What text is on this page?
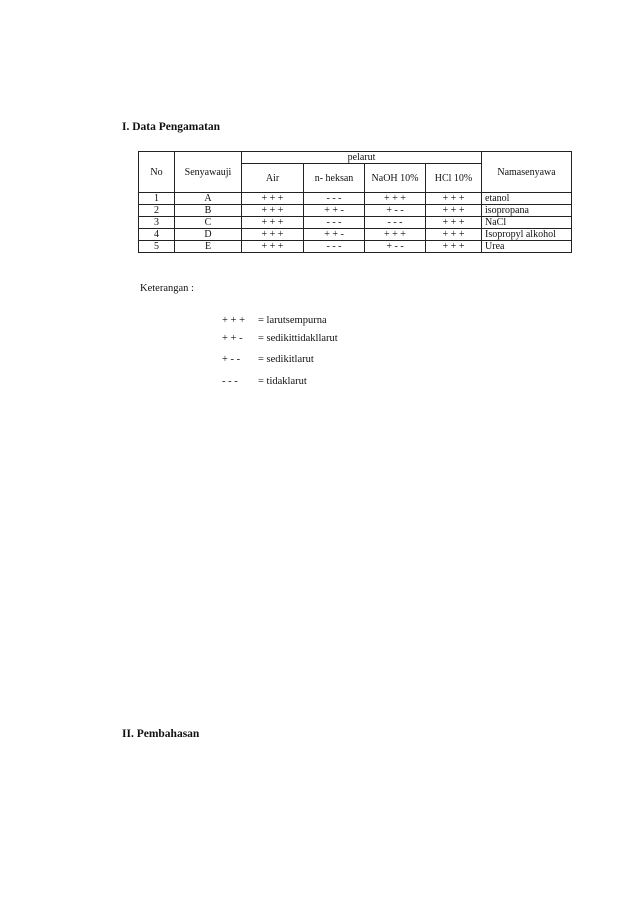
I. Data Pengamatan
No	Senyawauji	pelarut				Namasenyawa
		Air	n- heksan	NaOH 10%	HCl 10%	
1	A	+ + +	- - -	+ + +	+ + +	etanol
2	B	+ + +	+ + -	+ - -	+ + +	isopropana
3	C	+ + +	- - -	- - -	+ + +	NaCl
4	D	+ + +	+ + -	+ + +	+ + +	Isopropyl alkohol
5	E	+ + +	- - -	+ - -	+ + +	Urea
Keterangan :
+ + + = larutsempurna
+ + - = sedikittidakllarut
+ - - = sedikitlarut
- - - = tidaklarut
II. Pembahasan
